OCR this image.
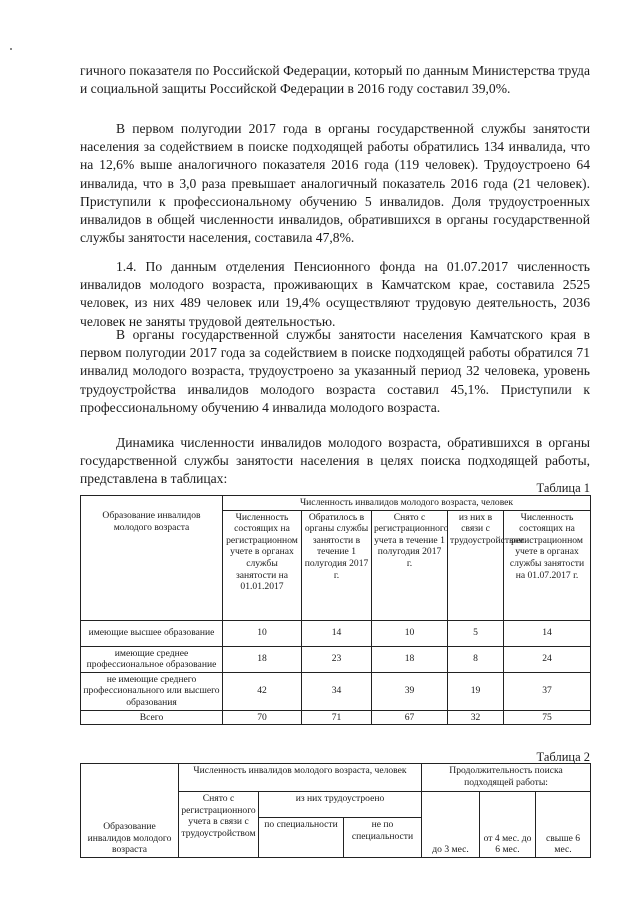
гичного показателя по Российской Федерации, который по данным Министерства труда и социальной защиты Российской Федерации в 2016 году составил 39,0%.

В первом полугодии 2017 года в органы государственной службы занятости населения за содействием в поиске подходящей работы обратились 134 инвалида, что на 12,6% выше аналогичного показателя 2016 года (119 человек). Трудоустроено 64 инвалида, что в 3,0 раза превышает аналогичный показатель 2016 года (21 человек). Приступили к профессиональному обучению 5 инвалидов. Доля трудоустроенных инвалидов в общей численности инвалидов, обратившихся в органы государственной службы занятости населения, составила 47,8%.

1.4. По данным отделения Пенсионного фонда на 01.07.2017 численность инвалидов молодого возраста, проживающих в Камчатском крае, составила 2525 человек, из них 489 человек или 19,4% осуществляют трудовую деятельность, 2036 человек не заняты трудовой деятельностью.

В органы государственной службы занятости населения Камчатского края в первом полугодии 2017 года за содействием в поиске подходящей работы обратился 71 инвалид молодого возраста, трудоустроено за указанный период 32 человека, уровень трудоустройства инвалидов молодого возраста составил 45,1%. Приступили к профессиональному обучению 4 инвалида молодого возраста.

Динамика численности инвалидов молодого возраста, обратившихся в органы государственной службы занятости населения в целях поиска подходящей работы, представлена в таблицах:

Таблица 1
Образование инвалидов молодого возраста	Численность инвалидов молодого возраста, человек				
	Численность состоящих на регистрационном учете в органах службы занятости на 01.01.2017	Обратилось в органы службы занятости в течение 1 полугодия 2017 г.	Снято с регистрационного учета в течение 1 полугодия 2017 г.	из них в связи с трудоустройством	Численность состоящих на регистрационном учете в органах службы занятости на 01.07.2017 г.
имеющие высшее образование	10	14	10	5	14
имеющие среднее профессиональное образование	18	23	18	8	24
не имеющие среднего профессионального или высшего образования	42	34	39	19	37
Всего	70	71	67	32	75
Таблица 2
Образование инвалидов молодого возраста	Численность инвалидов молодого возраста, человек			Продолжительность поиска подходящей работы:		
	Снято с регистрационного учета в связи с трудоустройством	из них трудоустроено		до 3 мес.	от 4 мес. до 6 мес.	свыше 6 мес.
		по специальности	не по специальности			
